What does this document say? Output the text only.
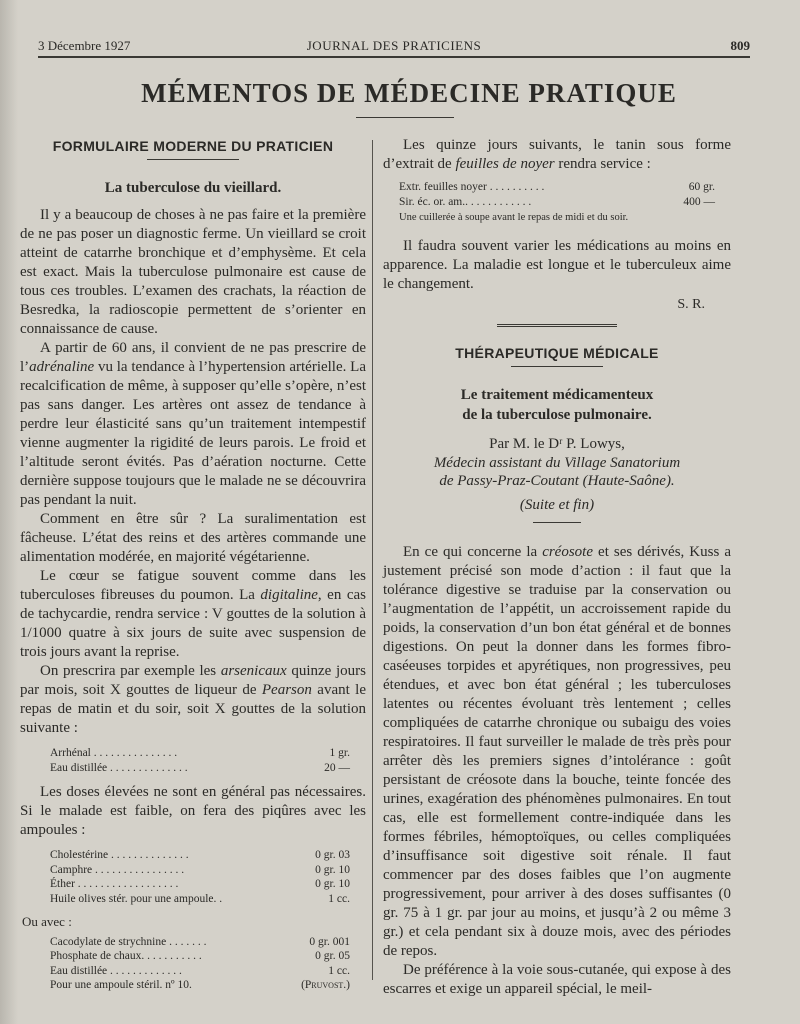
3 Décembre 1927	JOURNAL DES PRATICIENS	809
MÉMENTOS DE MÉDECINE PRATIQUE
FORMULAIRE MODERNE DU PRATICIEN
La tuberculose du vieillard.

Il y a beaucoup de choses à ne pas faire et la première de ne pas poser un diagnostic ferme. Un vieillard se croit atteint de catarrhe bronchique et d’emphysème. Et cela est exact. Mais la tuberculose pulmonaire est cause de tous ces troubles. L’examen des crachats, la réaction de Besredka, la radioscopie permettent de s’orienter en connaissance de cause.

A partir de 60 ans, il convient de ne pas prescrire de l’adrénaline vu la tendance à l’hypertension artérielle. La recalcification de même, à supposer qu’elle s’opère, n’est pas sans danger. Les artères ont assez de tendance à perdre leur élasticité sans qu’un traitement intempestif vienne augmenter la rigidité de leurs parois. Le froid et l’altitude seront évités. Pas d’aération nocturne. Cette dernière suppose toujours que le malade ne se découvrira pas pendant la nuit.

Comment en être sûr ? La suralimentation est fâcheuse. L’état des reins et des artères commande une alimentation modérée, en majorité végétarienne.

Le cœur se fatigue souvent comme dans les tuberculoses fibreuses du poumon. La digitaline, en cas de tachycardie, rendra service : V gouttes de la solution à 1/1000 quatre à six jours de suite avec suspension de trois jours avant la reprise.

On prescrira par exemple les arsenicaux quinze jours par mois, soit X gouttes de liqueur de Pearson avant le repas de matin et du soir, soit X gouttes de la solution suivante :

Arrhénal . . . . . . . . . . . . . . .	1 gr.
Eau distillée . . . . . . . . . . . . . .	20 —

Les doses élevées ne sont en général pas nécessaires. Si le malade est faible, on fera des piqûres avec les ampoules :

Cholestérine . . . . . . . . . . . . . .	0 gr. 03
Camphre . . . . . . . . . . . . . . . .	0 gr. 10
Éther . . . . . . . . . . . . . . . . . .	0 gr. 10
Huile olives stér. pour une ampoule. .	1 cc.
Ou avec :
Cacodylate de strychnine . . . . . . .	0 gr. 001
Phosphate de chaux. . . . . . . . . . .	0 gr. 05
Eau distillée . . . . . . . . . . . . .	1 cc.
Pour une ampoule stéril. nº 10.	(Pruvost.)

Les quinze jours suivants, le tanin sous forme d’extrait de feuilles de noyer rendra service :

Extr. feuilles noyer . . . . . . . . . .	60 gr.
Sir. éc. or. am.. . . . . . . . . . . .	400 —
Une cuillerée à soupe avant le repas de midi et du soir.

Il faudra souvent varier les médications au moins en apparence. La maladie est longue et le tuberculeux aime le changement.

S. R.
THÉRAPEUTIQUE MÉDICALE
Le traitement médicamenteux
de la tuberculose pulmonaire.
Par M. le Dʳ P. Lowys,
Médecin assistant du Village Sanatorium
de Passy-Praz-Coutant (Haute-Saône).
(Suite et fin)

En ce qui concerne la créosote et ses dérivés, Kuss a justement précisé son mode d’action : il faut que la tolérance digestive se traduise par la conservation ou l’augmentation de l’appétit, un accroissement rapide du poids, la conservation d’un bon état général et de bonnes digestions. On peut la donner dans les formes fibro-caséeuses torpides et apyrétiques, non progressives, peu étendues, et avec bon état général ; les tuberculoses latentes ou récentes évoluant très lentement ; celles compliquées de catarrhe chronique ou subaigu des voies respiratoires. Il faut surveiller le malade de très près pour arrêter dès les premiers signes d’intolérance : goût persistant de créosote dans la bouche, teinte foncée des urines, exagération des phénomènes pulmonaires. En tout cas, elle est formellement contre-indiquée dans les formes fébriles, hémoptoïques, ou celles compliquées d’insuffisance soit digestive soit rénale. Il faut commencer par des doses faibles que l’on augmente progressivement, pour arriver à des doses suffisantes (0 gr. 75 à 1 gr. par jour au moins, et jusqu’à 2 ou même 3 gr.) et cela pendant six à douze mois, avec des périodes de repos.

De préférence à la voie sous-cutanée, qui expose à des escarres et exige un appareil spécial, le meil-
